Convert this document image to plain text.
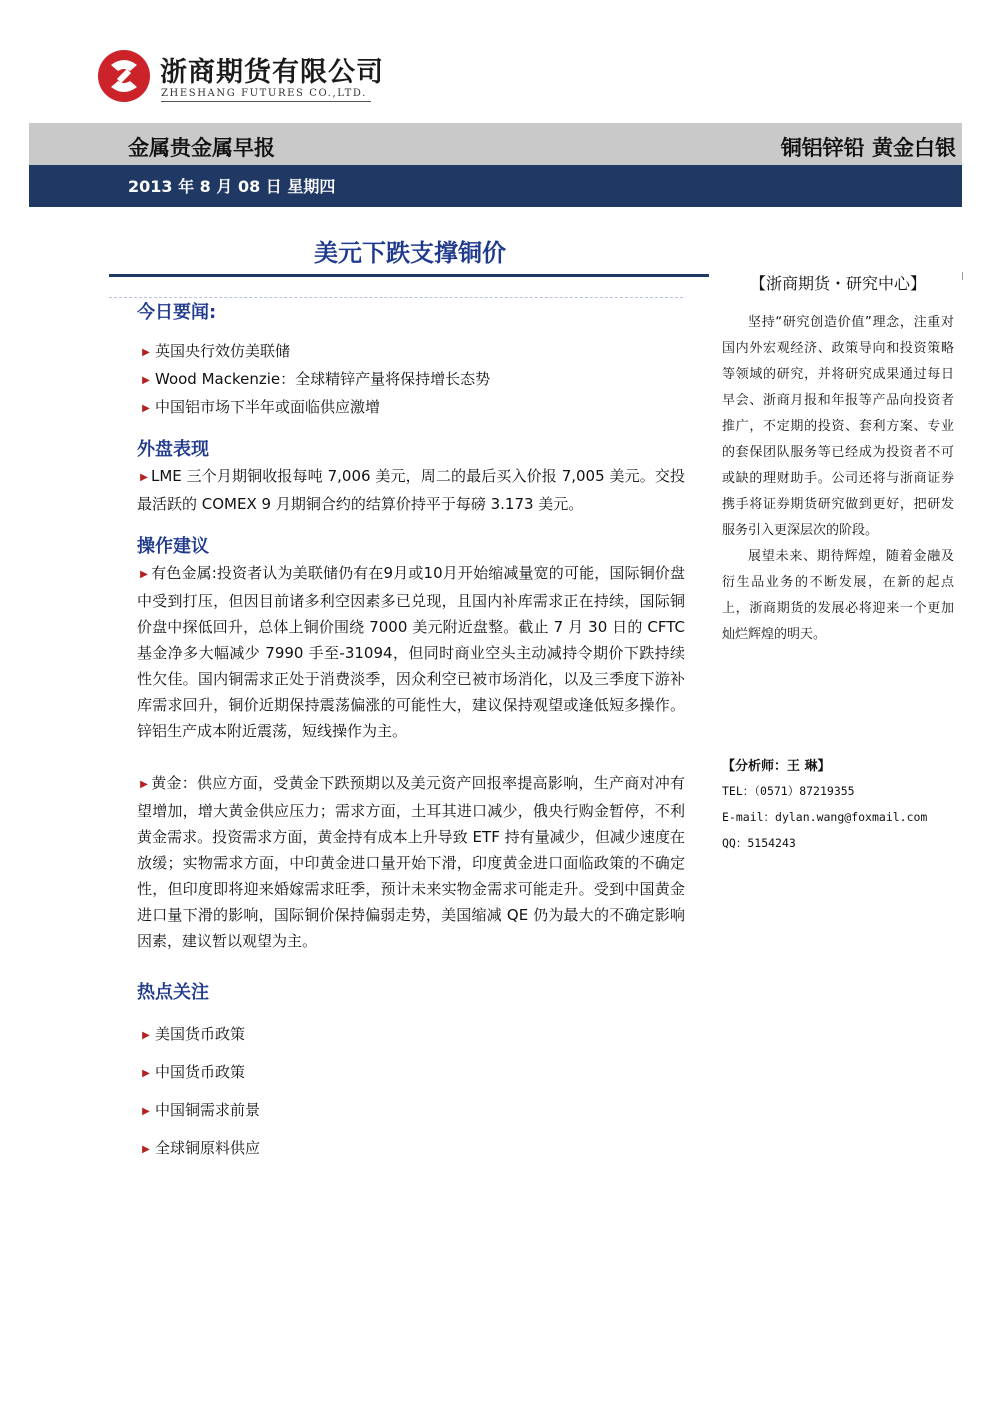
浙商期货有限公司
ZHESHANG FUTURES CO.,LTD.
金属贵金属早报	铜铝锌铅 黄金白银
2013 年 8 月 08 日 星期四
美元下跌支撑铜价
今日要闻:
▶ 英国央行效仿美联储
▶ Wood Mackenzie：全球精锌产量将保持增长态势
▶ 中国铝市场下半年或面临供应激增
外盘表现

▶ LME 三个月期铜收报每吨 7,006 美元，周二的最后买入价报 7,005 美元。交投最活跃的 COMEX 9 月期铜合约的结算价持平于每磅 3.173 美元。

操作建议

▶ 有色金属:投资者认为美联储仍有在9月或10月开始缩减量宽的可能，国际铜价盘中受到打压，但因目前诸多利空因素多已兑现，且国内补库需求正在持续，国际铜价盘中探低回升，总体上铜价围绕 7000 美元附近盘整。截止 7 月 30 日的 CFTC 基金净多大幅减少 7990 手至-31094，但同时商业空头主动减持令期价下跌持续性欠佳。国内铜需求正处于消费淡季，因众利空已被市场消化，以及三季度下游补库需求回升，铜价近期保持震荡偏涨的可能性大，建议保持观望或逢低短多操作。锌铝生产成本附近震荡，短线操作为主。

▶ 黄金：供应方面，受黄金下跌预期以及美元资产回报率提高影响，生产商对冲有望增加，增大黄金供应压力；需求方面，土耳其进口减少，俄央行购金暂停，不利黄金需求。投资需求方面，黄金持有成本上升导致 ETF 持有量减少，但减少速度在放缓；实物需求方面，中印黄金进口量开始下滑，印度黄金进口面临政策的不确定性，但印度即将迎来婚嫁需求旺季，预计未来实物金需求可能走升。受到中国黄金进口量下滑的影响，国际铜价保持偏弱走势，美国缩减 QE 仍为最大的不确定影响因素，建议暂以观望为主。

热点关注
▶ 美国货币政策
▶ 中国货币政策
▶ 中国铜需求前景
▶ 全球铜原料供应
【浙商期货・研究中心】

坚持“研究创造价值”理念，注重对国内外宏观经济、政策导向和投资策略等领域的研究，并将研究成果通过每日早会、浙商月报和年报等产品向投资者推广，不定期的投资、套利方案、专业的套保团队服务等已经成为投资者不可或缺的理财助手。公司还将与浙商证券携手将证券期货研究做到更好，把研发服务引入更深层次的阶段。

展望未来、期待辉煌，随着金融及衍生品业务的不断发展，在新的起点上，浙商期货的发展必将迎来一个更加灿烂辉煌的明天。

【分析师：王 琳】
TEL：（0571）87219355
E-mail：dylan.wang@foxmail.com
QQ：5154243
